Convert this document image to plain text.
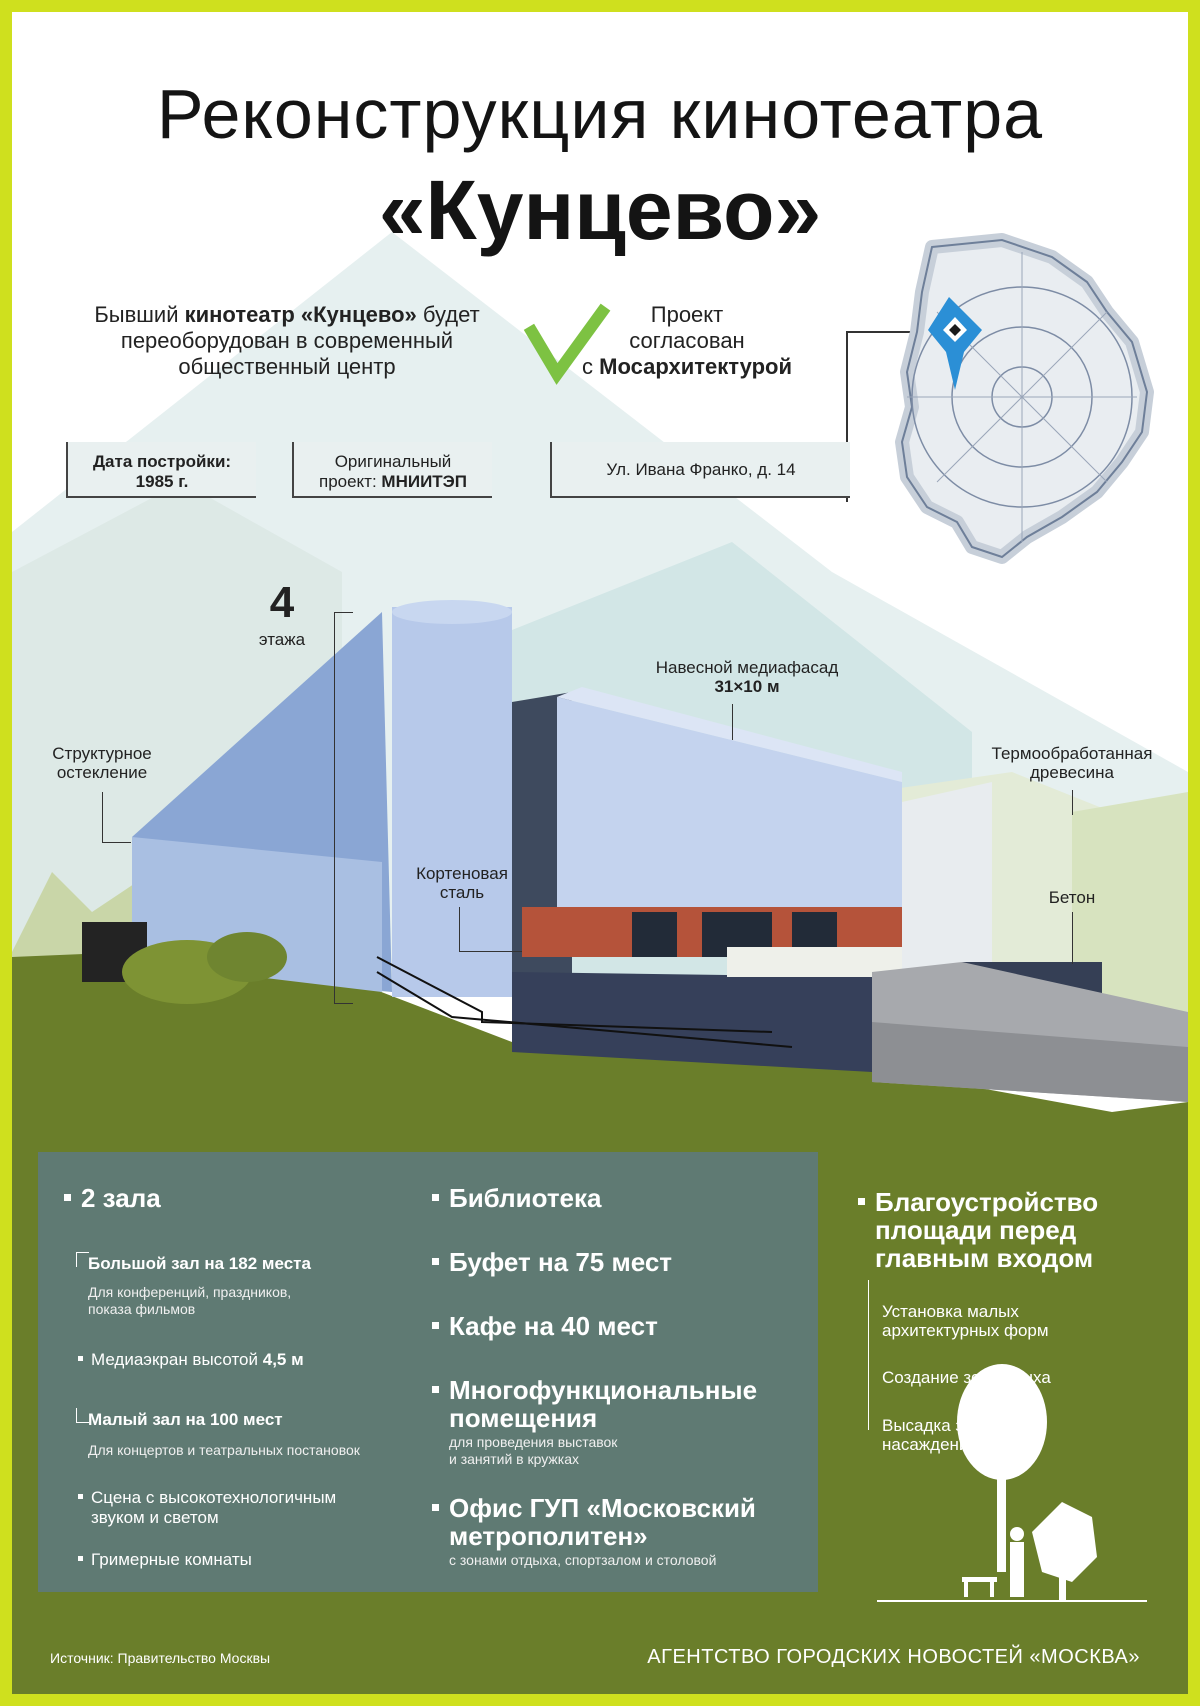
Реконструкция кинотеатра
«Кунцево»
Бывший кинотеатр «Кунцево» будет
переоборудован в современный
общественный центр
Проект
согласован
с Мосархитектурой
Дата постройки:
1985 г.
Оригинальный
проект: МНИИТЭП
Ул. Ивана Франко, д. 14
4
этажа
Структурное
остекление
Кортеновая
сталь
Навесной медиафасад
31×10 м
Термообработанная
древесина
Бетон
2 зала
Большой зал на 182 места
Для конференций, праздников,
показа фильмов
Медиаэкран высотой 4,5 м
Малый зал на 100 мест
Для концертов и театральных постановок
Сцена с высокотехнологичным
звуком и светом
Гримерные комнаты
Библиотека
Буфет на 75 мест
Кафе на 40 мест
Многофункциональные
помещения
для проведения выставок
и занятий в кружках
Офис ГУП «Московский
метрополитен»
с зонами отдыха, спортзалом и столовой
Благоустройство
площади перед
главным входом
Установка малых
архитектурных форм
Создание зон отдыха
Высадка зеленых
насаждений
Источник: Правительство Москвы	АГЕНТСТВО ГОРОДСКИХ НОВОСТЕЙ «МОСКВА»
